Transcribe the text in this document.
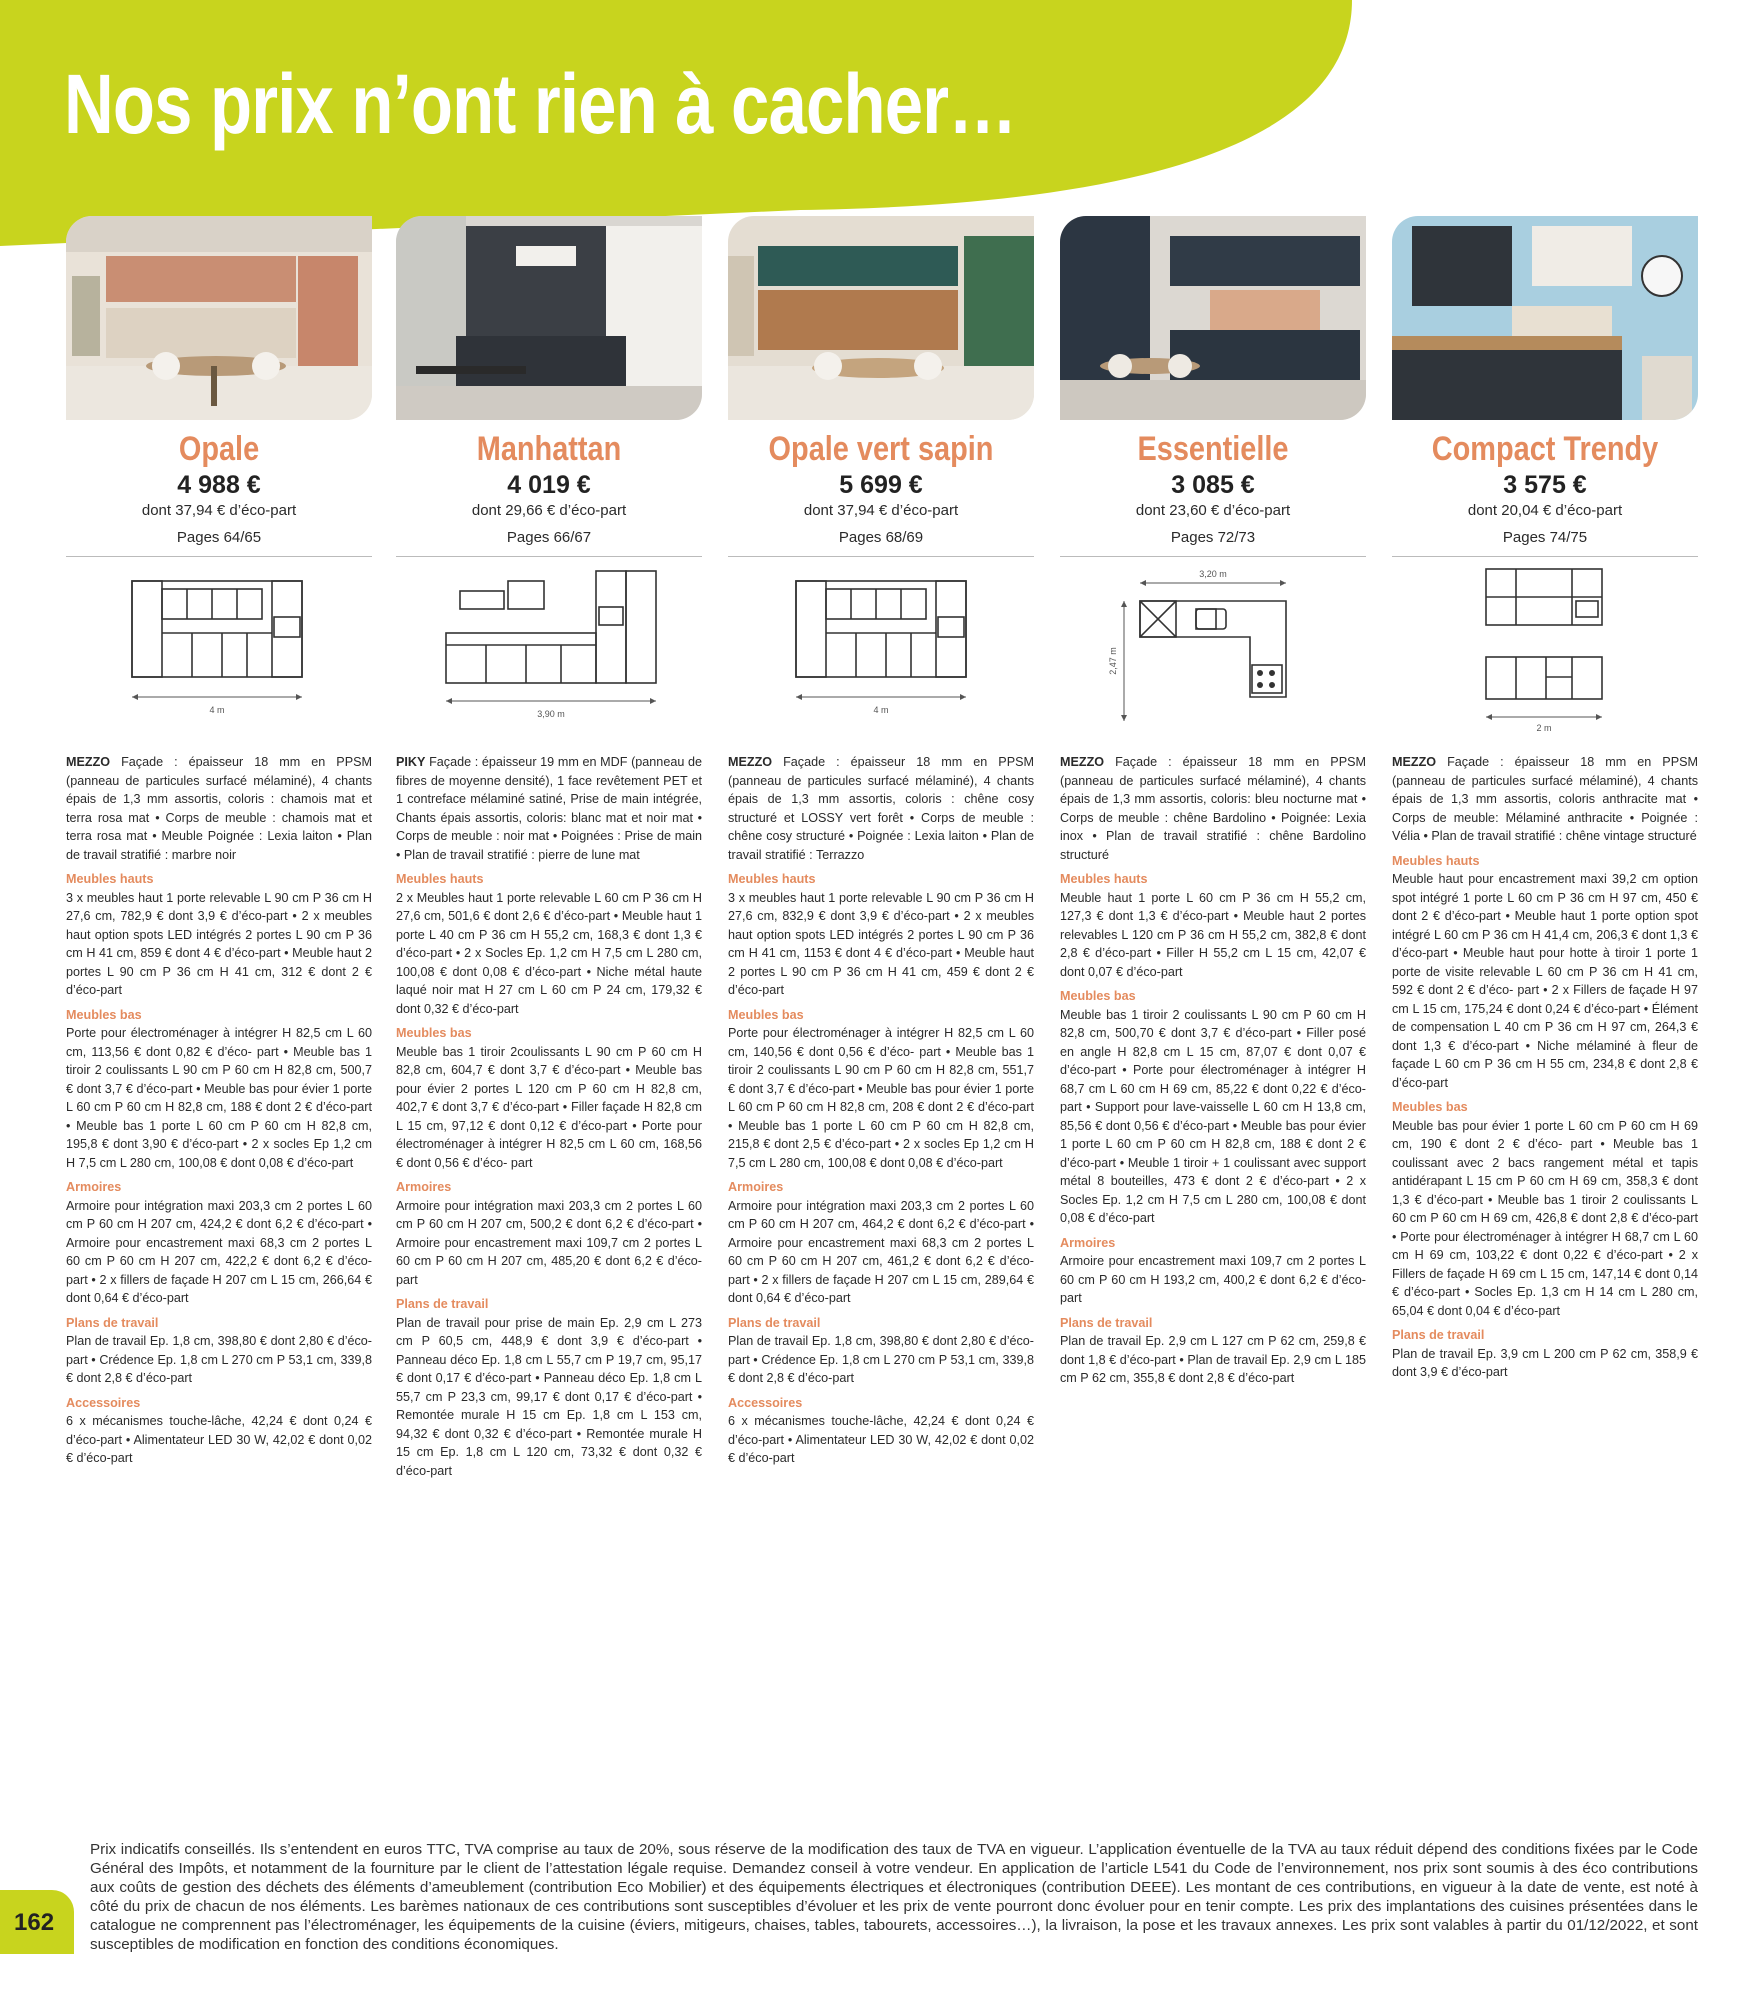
Nos prix n’ont rien à cacher…
Opale
4 988 €
dont 37,94 € d’éco-part
Pages 64/65
4 m
MEZZO Façade : épaisseur 18 mm en PPSM (panneau de particules surfacé mélaminé), 4 chants épais de 1,3 mm assortis, coloris : chamois mat et terra rosa mat • Corps de meuble : chamois mat et terra rosa mat • Meuble Poignée : Lexia laiton • Plan de travail stratifié : marbre noir
Meubles hauts
3 x meubles haut 1 porte relevable L 90 cm P 36 cm H 27,6 cm, 782,9 € dont 3,9 € d’éco-part • 2 x meubles haut option spots LED intégrés 2 portes L 90 cm P 36 cm H 41 cm, 859 € dont 4 € d’éco-part • Meuble haut 2 portes L 90 cm P 36 cm H 41 cm, 312 € dont 2 € d’éco-part
Meubles bas
Porte pour électroménager à intégrer H 82,5 cm L 60 cm, 113,56 € dont 0,82 € d’éco- part • Meuble bas 1 tiroir 2 coulissants L 90 cm P 60 cm H 82,8 cm, 500,7 € dont 3,7 € d’éco-part • Meuble bas pour évier 1 porte L 60 cm P 60 cm H 82,8 cm, 188 € dont 2 € d’éco-part • Meuble bas 1 porte L 60 cm P 60 cm H 82,8 cm, 195,8 € dont 3,90 € d’éco-part • 2 x socles Ep 1,2 cm H 7,5 cm L 280 cm, 100,08 € dont 0,08 € d’éco-part
Armoires
Armoire pour intégration maxi 203,3 cm 2 portes L 60 cm P 60 cm H 207 cm, 424,2 € dont 6,2 € d’éco-part • Armoire pour encastrement maxi 68,3 cm 2 portes L 60 cm P 60 cm H 207 cm, 422,2 € dont 6,2 € d’éco-part • 2 x fillers de façade H 207 cm L 15 cm, 266,64 € dont 0,64 € d’éco-part
Plans de travail
Plan de travail Ep. 1,8 cm, 398,80 € dont 2,80 € d’éco-part • Crédence Ep. 1,8 cm L 270 cm P 53,1 cm, 339,8 € dont 2,8 € d’éco-part
Accessoires
6 x mécanismes touche-lâche, 42,24 € dont 0,24 € d’éco-part • Alimentateur LED 30 W, 42,02 € dont 0,02 € d’éco-part
Manhattan
4 019 €
dont 29,66 € d’éco-part
Pages 66/67
3,90 m
PIKY Façade : épaisseur 19 mm en MDF (panneau de fibres de moyenne densité), 1 face revêtement PET et 1 contreface mélaminé satiné, Prise de main intégrée, Chants épais assortis, coloris: blanc mat et noir mat • Corps de meuble : noir mat • Poignées : Prise de main • Plan de travail stratifié : pierre de lune mat
Meubles hauts
2 x Meubles haut 1 porte relevable L 60 cm P 36 cm H 27,6 cm, 501,6 € dont 2,6 € d’éco-part • Meuble haut 1 porte L 40 cm P 36 cm H 55,2 cm, 168,3 € dont 1,3 € d’éco-part • 2 x Socles Ep. 1,2 cm H 7,5 cm L 280 cm, 100,08 € dont 0,08 € d’éco-part • Niche métal haute laqué noir mat H 27 cm L 60 cm P 24 cm, 179,32 € dont 0,32 € d’éco-part
Meubles bas
Meuble bas 1 tiroir 2coulissants L 90 cm P 60 cm H 82,8 cm, 604,7 € dont 3,7 € d’éco-part • Meuble bas pour évier 2 portes L 120 cm P 60 cm H 82,8 cm, 402,7 € dont 3,7 € d’éco-part • Filler façade H 82,8 cm L 15 cm, 97,12 € dont 0,12 € d’éco-part • Porte pour électroménager à intégrer H 82,5 cm L 60 cm, 168,56 € dont 0,56 € d’éco- part
Armoires
Armoire pour intégration maxi 203,3 cm 2 portes L 60 cm P 60 cm H 207 cm, 500,2 € dont 6,2 € d’éco-part • Armoire pour encastrement maxi 109,7 cm 2 portes L 60 cm P 60 cm H 207 cm, 485,20 € dont 6,2 € d’éco-part
Plans de travail
Plan de travail pour prise de main Ep. 2,9 cm L 273 cm P 60,5 cm, 448,9 € dont 3,9 € d’éco-part • Panneau déco Ep. 1,8 cm L 55,7 cm P 19,7 cm, 95,17 € dont 0,17 € d’éco-part • Panneau déco Ep. 1,8 cm L 55,7 cm P 23,3 cm, 99,17 € dont 0,17 € d’éco-part • Remontée murale H 15 cm Ep. 1,8 cm L 153 cm, 94,32 € dont 0,32 € d’éco-part • Remontée murale H 15 cm Ep. 1,8 cm L 120 cm, 73,32 € dont 0,32 € d’éco-part
Opale vert sapin
5 699 €
dont 37,94 € d’éco-part
Pages 68/69
4 m
MEZZO Façade : épaisseur 18 mm en PPSM (panneau de particules surfacé mélaminé), 4 chants épais de 1,3 mm assortis, coloris : chêne cosy structuré et LOSSY vert forêt • Corps de meuble : chêne cosy structuré • Poignée : Lexia laiton • Plan de travail stratifié : Terrazzo
Meubles hauts
3 x meubles haut 1 porte relevable L 90 cm P 36 cm H 27,6 cm, 832,9 € dont 3,9 € d’éco-part • 2 x meubles haut option spots LED intégrés 2 portes L 90 cm P 36 cm H 41 cm, 1153 € dont 4 € d’éco-part • Meuble haut 2 portes L 90 cm P 36 cm H 41 cm, 459 € dont 2 € d’éco-part
Meubles bas
Porte pour électroménager à intégrer H 82,5 cm L 60 cm, 140,56 € dont 0,56 € d’éco- part • Meuble bas 1 tiroir 2 coulissants L 90 cm P 60 cm H 82,8 cm, 551,7 € dont 3,7 € d’éco-part • Meuble bas pour évier 1 porte L 60 cm P 60 cm H 82,8 cm, 208 € dont 2 € d’éco-part • Meuble bas 1 porte L 60 cm P 60 cm H 82,8 cm, 215,8 € dont 2,5 € d’éco-part • 2 x socles Ep 1,2 cm H 7,5 cm L 280 cm, 100,08 € dont 0,08 € d’éco-part
Armoires
Armoire pour intégration maxi 203,3 cm 2 portes L 60 cm P 60 cm H 207 cm, 464,2 € dont 6,2 € d’éco-part • Armoire pour encastrement maxi 68,3 cm 2 portes L 60 cm P 60 cm H 207 cm, 461,2 € dont 6,2 € d’éco-part • 2 x fillers de façade H 207 cm L 15 cm, 289,64 € dont 0,64 € d’éco-part
Plans de travail
Plan de travail Ep. 1,8 cm, 398,80 € dont 2,80 € d’éco-part • Crédence Ep. 1,8 cm L 270 cm P 53,1 cm, 339,8 € dont 2,8 € d’éco-part
Accessoires
6 x mécanismes touche-lâche, 42,24 € dont 0,24 € d’éco-part • Alimentateur LED 30 W, 42,02 € dont 0,02 € d’éco-part
Essentielle
3 085 €
dont 23,60 € d’éco-part
Pages 72/73
3,20 m
2,47 m
MEZZO Façade : épaisseur 18 mm en PPSM (panneau de particules surfacé mélaminé), 4 chants épais de 1,3 mm assortis, coloris: bleu nocturne mat • Corps de meuble : chêne Bardolino • Poignée: Lexia inox • Plan de travail stratifié : chêne Bardolino structuré
Meubles hauts
Meuble haut 1 porte L 60 cm P 36 cm H 55,2 cm, 127,3 € dont 1,3 € d’éco-part • Meuble haut 2 portes relevables L 120 cm P 36 cm H 55,2 cm, 382,8 € dont 2,8 € d’éco-part • Filler H 55,2 cm L 15 cm, 42,07 € dont 0,07 € d’éco-part
Meubles bas
Meuble bas 1 tiroir 2 coulissants L 90 cm P 60 cm H 82,8 cm, 500,70 € dont 3,7 € d’éco-part • Filler posé en angle H 82,8 cm L 15 cm, 87,07 € dont 0,07 € d’éco-part • Porte pour électroménager à intégrer H 68,7 cm L 60 cm H 69 cm, 85,22 € dont 0,22 € d’éco-part • Support pour lave-vaisselle L 60 cm H 13,8 cm, 85,56 € dont 0,56 € d’éco-part • Meuble bas pour évier 1 porte L 60 cm P 60 cm H 82,8 cm, 188 € dont 2 € d’éco-part • Meuble 1 tiroir + 1 coulissant avec support métal 8 bouteilles, 473 € dont 2 € d’éco-part • 2 x Socles Ep. 1,2 cm H 7,5 cm L 280 cm, 100,08 € dont 0,08 € d’éco-part
Armoires
Armoire pour encastrement maxi 109,7 cm 2 portes L 60 cm P 60 cm H 193,2 cm, 400,2 € dont 6,2 € d’éco-part
Plans de travail
Plan de travail Ep. 2,9 cm L 127 cm P 62 cm, 259,8 € dont 1,8 € d’éco-part • Plan de travail Ep. 2,9 cm L 185 cm P 62 cm, 355,8 € dont 2,8 € d’éco-part
Compact Trendy
3 575 €
dont 20,04 € d’éco-part
Pages 74/75
2 m
MEZZO Façade : épaisseur 18 mm en PPSM (panneau de particules surfacé mélaminé), 4 chants épais de 1,3 mm assortis, coloris anthracite mat • Corps de meuble: Mélaminé anthracite • Poignée : Vélia • Plan de travail stratifié : chêne vintage structuré
Meubles hauts
Meuble haut pour encastrement maxi 39,2 cm option spot intégré 1 porte L 60 cm P 36 cm H 97 cm, 450 € dont 2 € d’éco-part • Meuble haut 1 porte option spot intégré L 60 cm P 36 cm H 41,4 cm, 206,3 € dont 1,3 € d’éco-part • Meuble haut pour hotte à tiroir 1 porte 1 porte de visite relevable L 60 cm P 36 cm H 41 cm, 592 € dont 2 € d’éco- part • 2 x Fillers de façade H 97 cm L 15 cm, 175,24 € dont 0,24 € d’éco-part • Élément de compensation L 40 cm P 36 cm H 97 cm, 264,3 € dont 1,3 € d’éco-part • Niche mélaminé à fleur de façade L 60 cm P 36 cm H 55 cm, 234,8 € dont 2,8 € d’éco-part
Meubles bas
Meuble bas pour évier 1 porte L 60 cm P 60 cm H 69 cm, 190 € dont 2 € d’éco- part • Meuble bas 1 coulissant avec 2 bacs rangement métal et tapis antidérapant L 15 cm P 60 cm H 69 cm, 358,3 € dont 1,3 € d’éco-part • Meuble bas 1 tiroir 2 coulissants L 60 cm P 60 cm H 69 cm, 426,8 € dont 2,8 € d’éco-part • Porte pour électroménager à intégrer H 68,7 cm L 60 cm H 69 cm, 103,22 € dont 0,22 € d’éco-part • 2 x Fillers de façade H 69 cm L 15 cm, 147,14 € dont 0,14 € d’éco-part • Socles Ep. 1,3 cm H 14 cm L 280 cm, 65,04 € dont 0,04 € d’éco-part
Plans de travail
Plan de travail Ep. 3,9 cm L 200 cm P 62 cm, 358,9 € dont 3,9 € d’éco-part
Prix indicatifs conseillés. Ils s’entendent en euros TTC, TVA comprise au taux de 20%, sous réserve de la modification des taux de TVA en vigueur. L’application éventuelle de la TVA au taux réduit dépend des conditions fixées par le Code Général des Impôts, et notamment de la fourniture par le client de l’attestation légale requise. Demandez conseil à votre vendeur. En application de l’article L541 du Code de l’environnement, nos prix sont soumis à des éco contributions aux coûts de gestion des déchets des éléments d’ameublement (contribution Eco Mobilier) et des équipements électriques et électroniques (contribution DEEE). Les montant de ces contributions, en vigueur à la date de vente, est noté à côté du prix de chacun de nos éléments. Les barèmes nationaux de ces contributions sont susceptibles d’évoluer et les prix de vente pourront donc évoluer pour en tenir compte. Les prix des implantations des cuisines présentées dans le catalogue ne comprennent pas l’électroménager, les équipements de la cuisine (éviers, mitigeurs, chaises, tables, tabourets, accessoires…), la livraison, la pose et les travaux annexes. Les prix sont valables à partir du 01/12/2022, et sont susceptibles de modification en fonction des conditions économiques.
162
